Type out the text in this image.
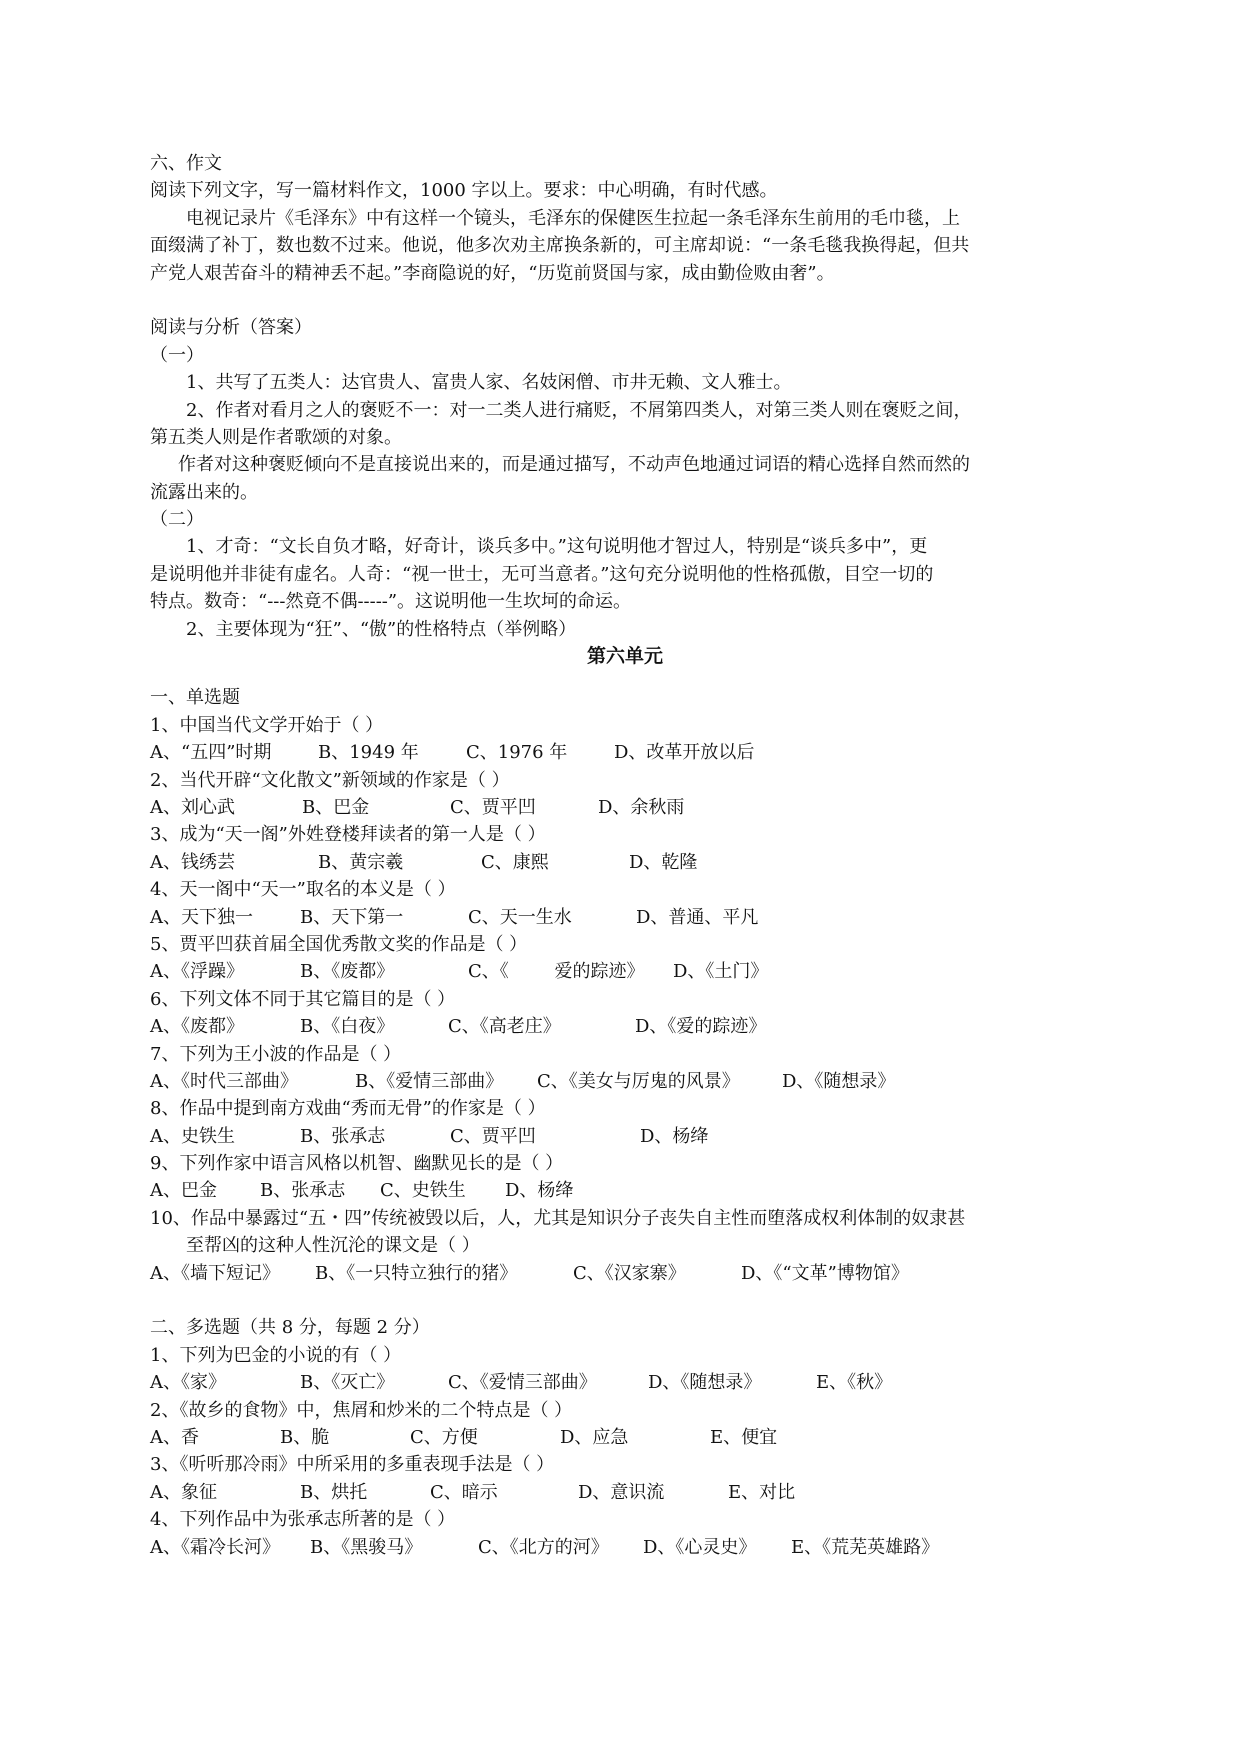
六、作文
阅读下列文字，写一篇材料作文，1000 字以上。要求：中心明确，有时代感。
电视记录片《毛泽东》中有这样一个镜头，毛泽东的保健医生拉起一条毛泽东生前用的毛巾毯，上
面缀满了补丁，数也数不过来。他说，他多次劝主席换条新的，可主席却说：“一条毛毯我换得起，但共
产党人艰苦奋斗的精神丢不起。”李商隐说的好，“历览前贤国与家，成由勤俭败由奢”。
阅读与分析（答案）
（一）
1、共写了五类人：达官贵人、富贵人家、名妓闲僧、市井无赖、文人雅士。
2、作者对看月之人的褒贬不一：对一二类人进行痛贬，不屑第四类人，对第三类人则在褒贬之间，
第五类人则是作者歌颂的对象。
作者对这种褒贬倾向不是直接说出来的，而是通过描写，不动声色地通过词语的精心选择自然而然的
流露出来的。
（二）
1、才奇：“文长自负才略，好奇计，谈兵多中。”这句说明他才智过人，特别是“谈兵多中”，更
是说明他并非徒有虚名。人奇：“视一世士，无可当意者。”这句充分说明他的性格孤傲，目空一切的
特点。数奇：“---然竟不偶-----”。这说明他一生坎坷的命运。
2、主要体现为“狂”、“傲”的性格特点（举例略）
第六单元
一、单选题
1、中国当代文学开始于（ ）
A、“五四”时期	B、1949 年	C、1976 年	D、改革开放以后
2、当代开辟“文化散文”新领域的作家是（ ）
A、刘心武	B、巴金	C、贾平凹	D、余秋雨
3、成为“天一阁”外姓登楼拜读者的第一人是（ ）
A、钱绣芸	B、黄宗羲	C、康熙	D、乾隆
4、天一阁中“天一”取名的本义是（ ）
A、天下独一	B、天下第一	C、天一生水	D、普通、平凡
5、贾平凹获首届全国优秀散文奖的作品是（ ）
A、《浮躁》	B、《废都》	C、《        爱的踪迹》	D、《土门》
6、下列文体不同于其它篇目的是（ ）
A、《废都》	B、《白夜》	C、《高老庄》	D、《爱的踪迹》
7、下列为王小波的作品是（ ）
A、《时代三部曲》	B、《爱情三部曲》	C、《美女与厉鬼的风景》	D、《随想录》
8、作品中提到南方戏曲“秀而无骨”的作家是（ ）
A、史铁生	B、张承志	C、贾平凹	D、杨绛
9、下列作家中语言风格以机智、幽默见长的是（ ）
A、巴金	B、张承志	C、史铁生	D、杨绛
10、作品中暴露过“五・四”传统被毁以后，人，尤其是知识分子丧失自主性而堕落成权利体制的奴隶甚
至帮凶的这种人性沉沦的课文是（ ）
A、《墙下短记》	B、《一只特立独行的猪》	C、《汉家寨》	D、《“文革”博物馆》
二、多选题（共 8 分，每题 2 分）
1、下列为巴金的小说的有（ ）
A、《家》	B、《灭亡》	C、《爱情三部曲》	D、《随想录》	E、《秋》
2、《故乡的食物》中，焦屑和炒米的二个特点是（ ）
A、香	B、脆	C、方便	D、应急	E、便宜
3、《听听那冷雨》中所采用的多重表现手法是（ ）
A、象征	B、烘托	C、暗示	D、意识流	E、对比
4、下列作品中为张承志所著的是（ ）
A、《霜冷长河》	B、《黑骏马》	C、《北方的河》	D、《心灵史》	E、《荒芜英雄路》
